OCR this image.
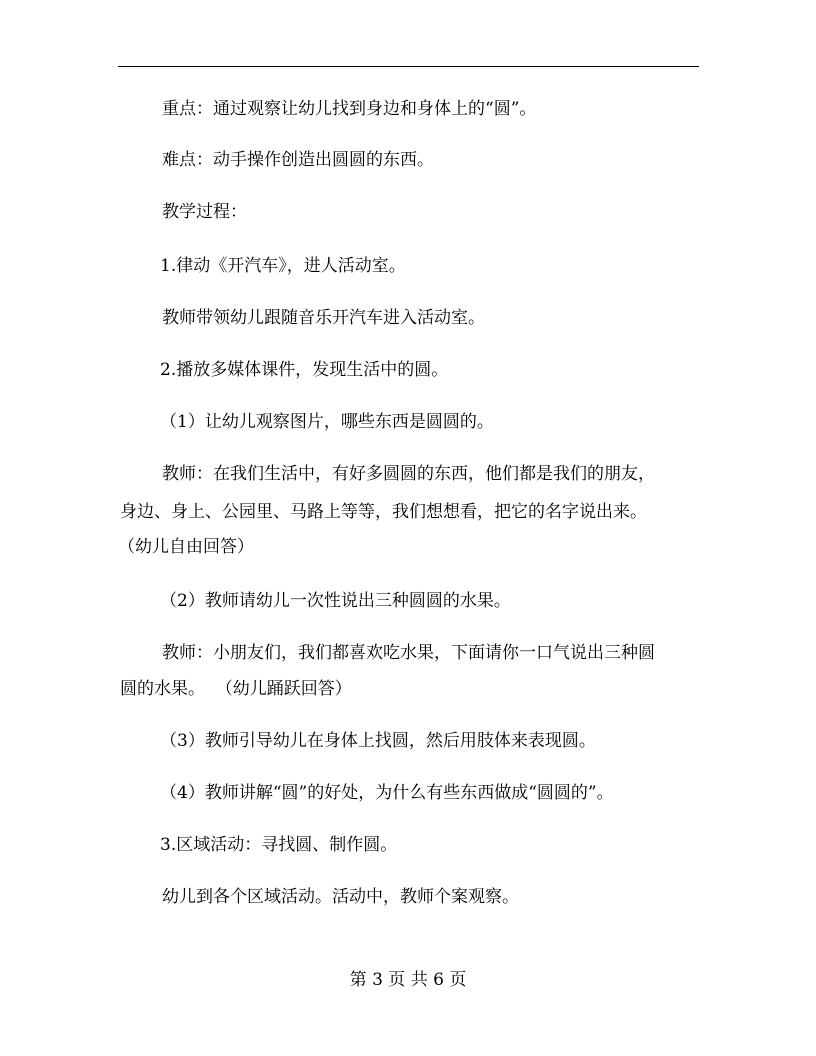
重点：通过观察让幼儿找到身边和身体上的“圆”。

难点：动手操作创造出圆圆的东西。

教学过程：

1.律动《开汽车》，进人活动室。

教师带领幼儿跟随音乐开汽车进入活动室。

2.播放多媒体课件，发现生活中的圆。

（1）让幼儿观察图片，哪些东西是圆圆的。

教师：在我们生活中，有好多圆圆的东西，他们都是我们的朋友，

身边、身上、公园里、马路上等等，我们想想看，把它的名字说出来。

（幼儿自由回答）

（2）教师请幼儿一次性说出三种圆圆的水果。

教师：小朋友们，我们都喜欢吃水果，下面请你一口气说出三种圆

圆的水果。  （幼儿踊跃回答）

（3）教师引导幼儿在身体上找圆，然后用肢体来表现圆。

（4）教师讲解“圆”的好处，为什么有些东西做成“圆圆的”。

3.区域活动：寻找圆、制作圆。

幼儿到各个区域活动。活动中，教师个案观察。

第 3 页 共 6 页
